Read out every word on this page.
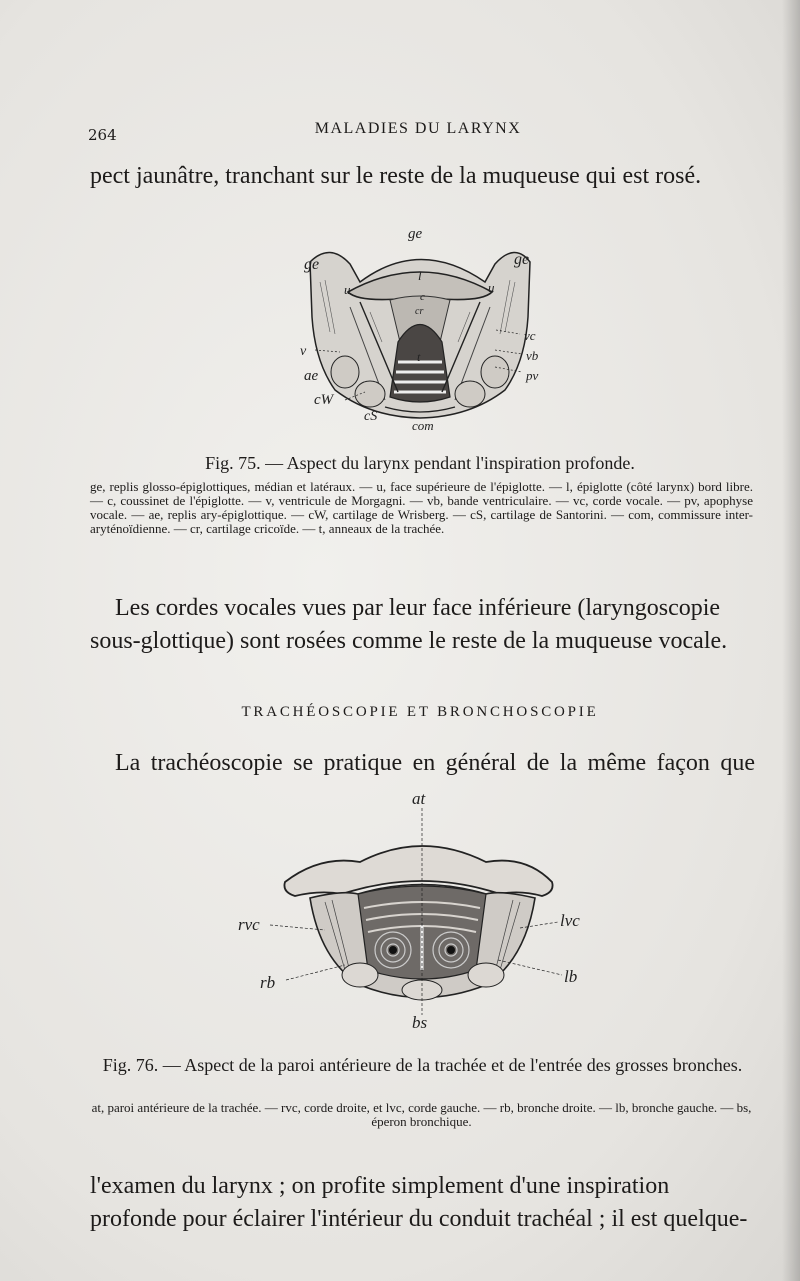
264	MALADIES DU LARYNX

pect jaunâtre, tranchant sur le reste de la muqueuse qui est rosé.

ge
ge	ge
u	u
l
c
cr
t
vc
vb
pv
v
ae
cW
cS
com

Fig. 75. — Aspect du larynx pendant l'inspiration profonde.

ge, replis glosso-épiglottiques, médian et latéraux. — u, face supérieure de l'épiglotte. — l, épiglotte (côté larynx) bord libre. — c, coussinet de l'épiglotte. — v, ventricule de Morgagni. — vb, bande ventriculaire. — vc, corde vocale. — pv, apophyse vocale. — ae, replis ary-épiglottique. — cW, cartilage de Wrisberg. — cS, cartilage de Santorini. — com, commissure inter-aryténoïdienne. — cr, cartilage cricoïde. — t, anneaux de la trachée.

Les cordes vocales vues par leur face inférieure (laryngoscopie sous-glottique) sont rosées comme le reste de la muqueuse vocale.

TRACHÉOSCOPIE ET BRONCHOSCOPIE

La trachéoscopie se pratique en général de la même façon que

at
rvc	lvc
rb	lb
bs

Fig. 76. — Aspect de la paroi antérieure de la trachée et de l'entrée des grosses bronches.

at, paroi antérieure de la trachée. — rvc, corde droite, et lvc, corde gauche. — rb, bronche droite. — lb, bronche gauche. — bs, éperon bronchique.

l'examen du larynx ; on profite simplement d'une inspiration profonde pour éclairer l'intérieur du conduit trachéal ; il est quelque-
